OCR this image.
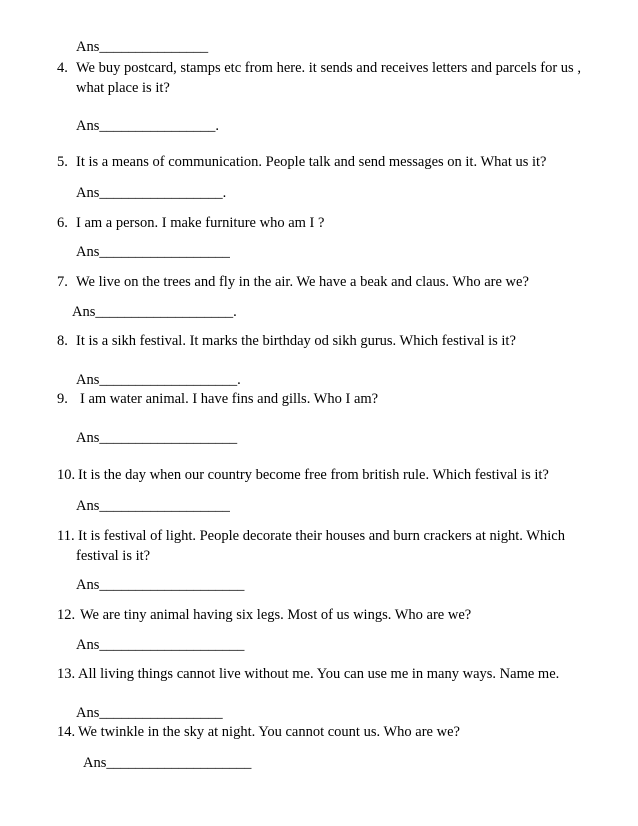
Ans_______________
4. We buy postcard, stamps etc from here. it sends and receives letters and parcels for us ,
what place is it?
Ans________________.
5. It is a means of communication. People talk and send messages on it. What us it?
Ans_________________.
6. I am a person. I make furniture who am I ?
Ans__________________
7. We live on the trees and fly in the air. We have a beak and claus. Who are we?
Ans___________________.
8. It is a sikh festival. It marks the birthday od sikh gurus. Which festival is it?
Ans___________________.
9. I am water animal. I have fins and gills. Who I am?
Ans___________________
10. It is the day when our country become free from british rule. Which festival is it?
Ans__________________
11. It is festival of light. People decorate their houses and burn crackers at night. Which
festival is it?
Ans____________________
12. We are tiny animal having six legs. Most of us wings. Who are we?
Ans____________________
13. All living things cannot live without me. You can use me in many ways. Name me.
Ans_________________
14. We twinkle in the sky at night. You cannot count us. Who are we?
Ans____________________
